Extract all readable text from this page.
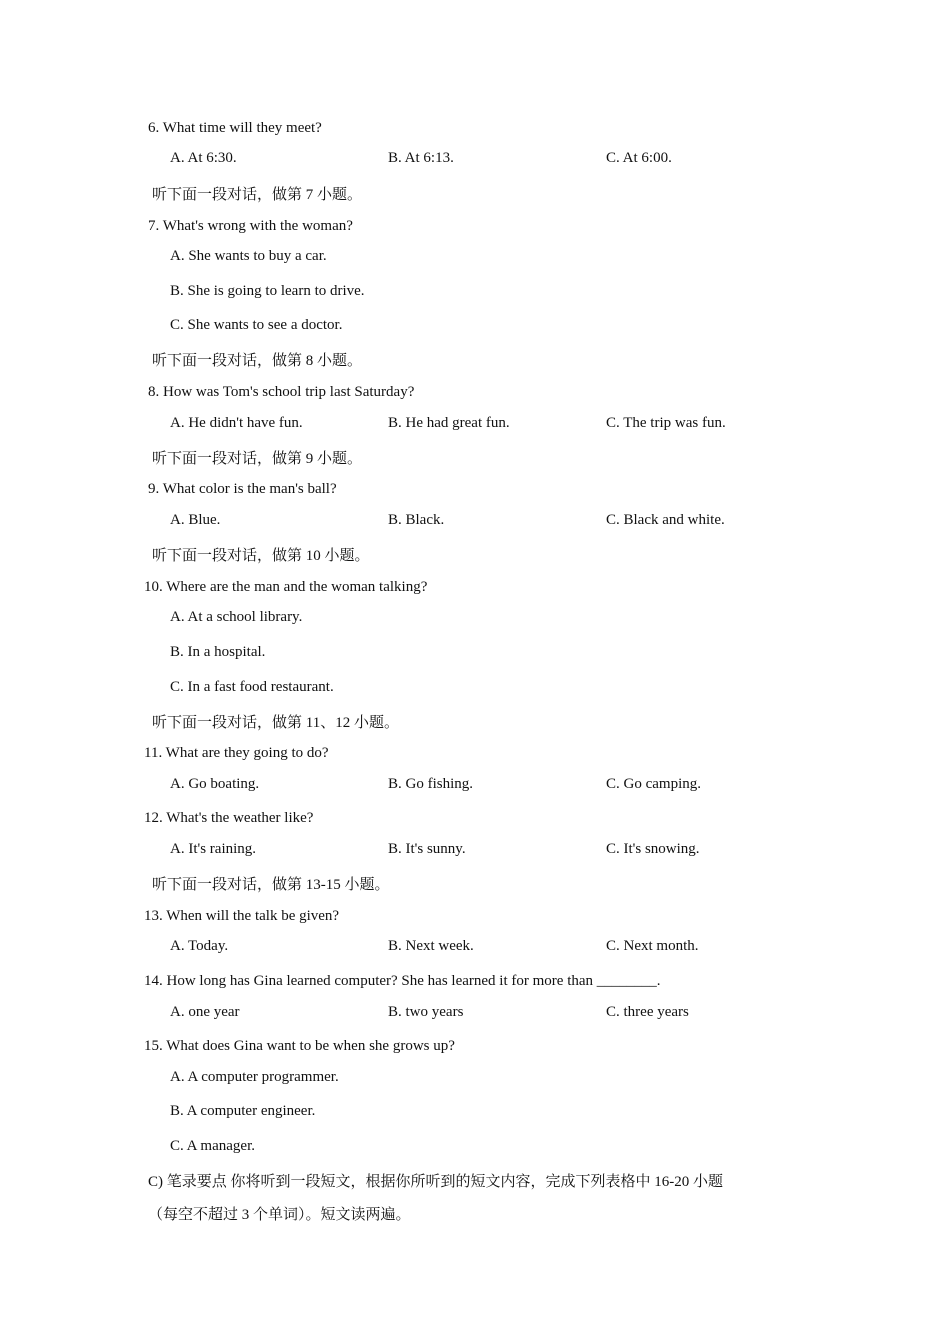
6. What time will they meet?
A. At 6:30.	B. At 6:13.	C. At 6:00.
听下面一段对话，做第 7 小题。
7. What's wrong with the woman?
A. She wants to buy a car.
B. She is going to learn to drive.
C. She wants to see a doctor.
听下面一段对话，做第 8 小题。
8. How was Tom's school trip last Saturday?
A. He didn't have fun.	B. He had great fun.	C. The trip was fun.
听下面一段对话，做第 9 小题。
9. What color is the man's ball?
A. Blue.	B. Black.	C. Black and white.
听下面一段对话，做第 10 小题。
10. Where are the man and the woman talking?
A. At a school library.
B. In a hospital.
C. In a fast food restaurant.
听下面一段对话，做第 11、12 小题。
11. What are they going to do?
A. Go boating.	B. Go fishing.	C. Go camping.
12. What's the weather like?
A. It's raining.	B. It's sunny.	C. It's snowing.
听下面一段对话，做第 13-15 小题。
13. When will the talk be given?
A. Today.	B. Next week.	C. Next month.
14. How long has Gina learned computer? She has learned it for more than ________.
A. one year	B. two years	C. three years
15. What does Gina want to be when she grows up?
A. A computer programmer.
B. A computer engineer.
C. A manager.
C) 笔录要点 你将听到一段短文，根据你所听到的短文内容，完成下列表格中 16-20 小题
（每空不超过 3 个单词）。短文读两遍。
